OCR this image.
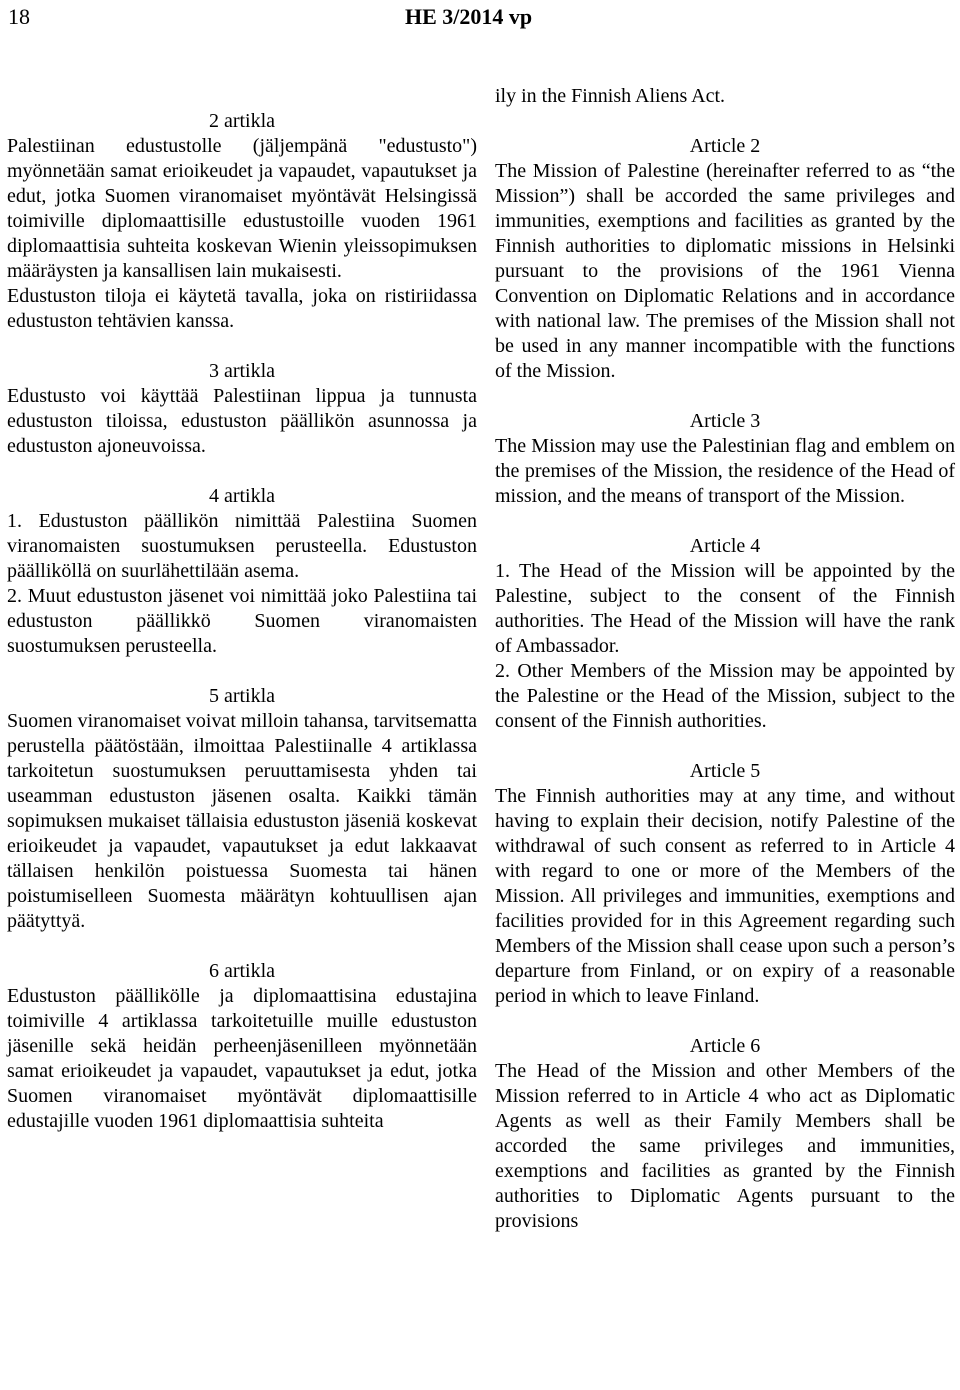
18	HE 3/2014 vp

2 artikla

Palestiinan edustustolle (jäljempänä "edustusto") myönnetään samat erioikeudet ja vapaudet, vapautukset ja edut, jotka Suomen viranomaiset myöntävät Helsingissä toimiville diplomaattisille edustustoille vuoden 1961 diplomaattisia suhteita koskevan Wienin yleissopimuksen määräysten ja kansallisen lain mukaisesti.

Edustuston tiloja ei käytetä tavalla, joka on ristiriidassa edustuston tehtävien kanssa.

3 artikla

Edustusto voi käyttää Palestiinan lippua ja tunnusta edustuston tiloissa, edustuston päällikön asunnossa ja edustuston ajoneuvoissa.

4 artikla

1. Edustuston päällikön nimittää Palestiina Suomen viranomaisten suostumuksen perusteella. Edustuston päälliköllä on suurlähettilään asema.

2. Muut edustuston jäsenet voi nimittää joko Palestiina tai edustuston päällikkö Suomen viranomaisten suostumuksen perusteella.

5 artikla

Suomen viranomaiset voivat milloin tahansa, tarvitsematta perustella päätöstään, ilmoittaa Palestiinalle 4 artiklassa tarkoitetun suostumuksen peruuttamisesta yhden tai useamman edustuston jäsenen osalta. Kaikki tämän sopimuksen mukaiset tällaisia edustuston jäseniä koskevat erioikeudet ja vapaudet, vapautukset ja edut lakkaavat tällaisen henkilön poistuessa Suomesta tai hänen poistumiselleen Suomesta määrätyn kohtuullisen ajan päätyttyä.

6 artikla

Edustuston päällikölle ja diplomaattisina edustajina toimiville 4 artiklassa tarkoitetuille muille edustuston jäsenille sekä heidän perheenjäsenilleen myönnetään samat erioikeudet ja vapaudet, vapautukset ja edut, jotka Suomen viranomaiset myöntävät diplomaattisille edustajille vuoden 1961 diplomaattisia suhteita

ily in the Finnish Aliens Act.

Article 2

The Mission of Palestine (hereinafter referred to as “the Mission”) shall be accorded the same privileges and immunities, exemptions and facilities as granted by the Finnish authorities to diplomatic missions in Helsinki pursuant to the provisions of the 1961 Vienna Convention on Diplomatic Relations and in accordance with national law. The premises of the Mission shall not be used in any manner incompatible with the functions of the Mission.

Article 3

The Mission may use the Palestinian flag and emblem on the premises of the Mission, the residence of the Head of mission, and the means of transport of the Mission.

Article 4

1. The Head of the Mission will be appointed by the Palestine, subject to the consent of the Finnish authorities. The Head of the Mission will have the rank of Ambassador.

2. Other Members of the Mission may be appointed by the Palestine or the Head of the Mission, subject to the consent of the Finnish authorities.

Article 5

The Finnish authorities may at any time, and without having to explain their decision, notify Palestine of the withdrawal of such consent as referred to in Article 4 with regard to one or more of the Members of the Mission. All privileges and immunities, exemptions and facilities provided for in this Agreement regarding such Members of the Mission shall cease upon such a person’s departure from Finland, or on expiry of a reasonable period in which to leave Finland.

Article 6

The Head of the Mission and other Members of the Mission referred to in Article 4 who act as Diplomatic Agents as well as their Family Members shall be accorded the same privileges and immunities, exemptions and facilities as granted by the Finnish authorities to Diplomatic Agents pursuant to the provisions
